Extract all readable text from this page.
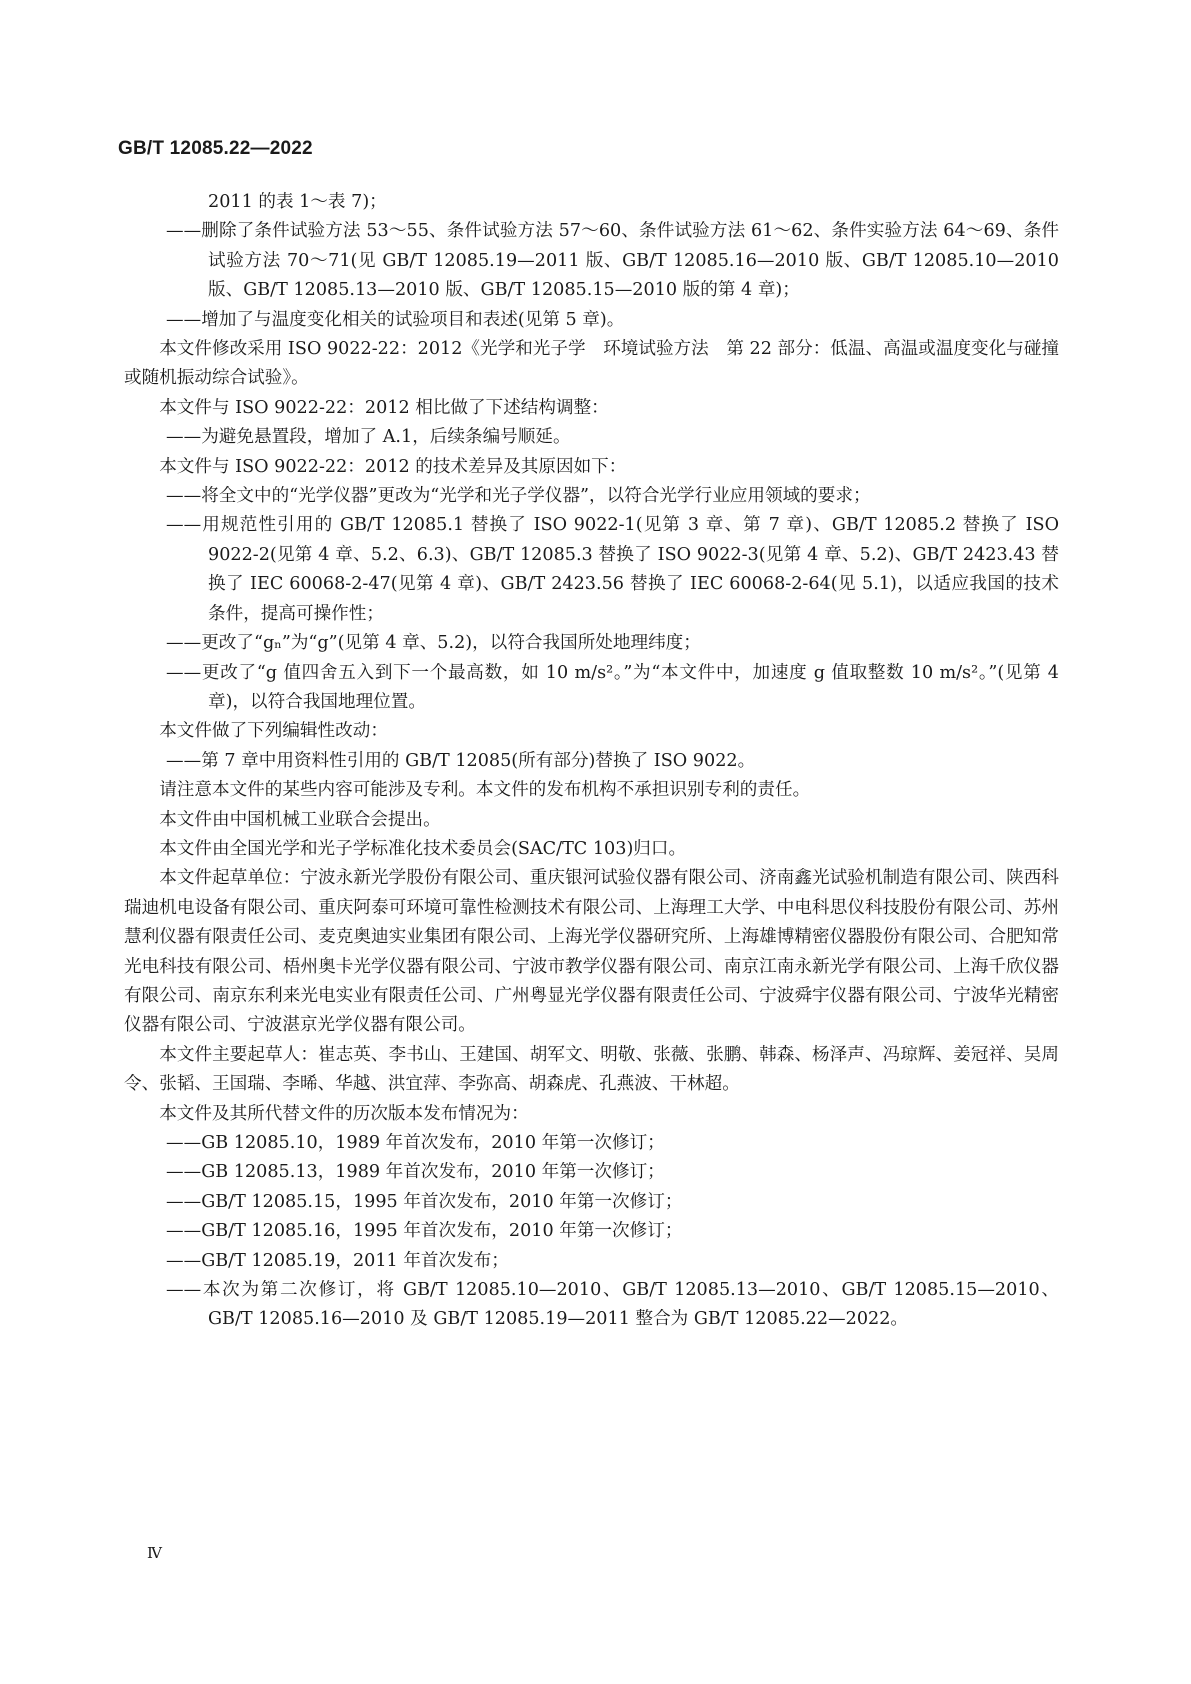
GB/T 12085.22—2022

2011 的表 1～表 7)；

——删除了条件试验方法 53～55、条件试验方法 57～60、条件试验方法 61～62、条件实验方法 64～69、条件试验方法 70～71(见 GB/T 12085.19—2011 版、GB/T 12085.16—2010 版、GB/T 12085.10—2010 版、GB/T 12085.13—2010 版、GB/T 12085.15—2010 版的第 4 章)；

——增加了与温度变化相关的试验项目和表述(见第 5 章)。

本文件修改采用 ISO 9022-22：2012《光学和光子学　环境试验方法　第 22 部分：低温、高温或温度变化与碰撞或随机振动综合试验》。

本文件与 ISO 9022-22：2012 相比做了下述结构调整：

——为避免悬置段，增加了 A.1，后续条编号顺延。

本文件与 ISO 9022-22：2012 的技术差异及其原因如下：

——将全文中的“光学仪器”更改为“光学和光子学仪器”，以符合光学行业应用领域的要求；

——用规范性引用的 GB/T 12085.1 替换了 ISO 9022-1(见第 3 章、第 7 章)、GB/T 12085.2 替换了 ISO 9022-2(见第 4 章、5.2、6.3)、GB/T 12085.3 替换了 ISO 9022-3(见第 4 章、5.2)、GB/T 2423.43 替换了 IEC 60068-2-47(见第 4 章)、GB/T 2423.56 替换了 IEC 60068-2-64(见 5.1)，以适应我国的技术条件，提高可操作性；

——更改了“gₙ”为“g”(见第 4 章、5.2)，以符合我国所处地理纬度；

——更改了“g 值四舍五入到下一个最高数，如 10 m/s²。”为“本文件中，加速度 g 值取整数 10 m/s²。”(见第 4 章)，以符合我国地理位置。

本文件做了下列编辑性改动：

——第 7 章中用资料性引用的 GB/T 12085(所有部分)替换了 ISO 9022。

请注意本文件的某些内容可能涉及专利。本文件的发布机构不承担识别专利的责任。

本文件由中国机械工业联合会提出。

本文件由全国光学和光子学标准化技术委员会(SAC/TC 103)归口。

本文件起草单位：宁波永新光学股份有限公司、重庆银河试验仪器有限公司、济南鑫光试验机制造有限公司、陕西科瑞迪机电设备有限公司、重庆阿泰可环境可靠性检测技术有限公司、上海理工大学、中电科思仪科技股份有限公司、苏州慧利仪器有限责任公司、麦克奥迪实业集团有限公司、上海光学仪器研究所、上海雄博精密仪器股份有限公司、合肥知常光电科技有限公司、梧州奥卡光学仪器有限公司、宁波市教学仪器有限公司、南京江南永新光学有限公司、上海千欣仪器有限公司、南京东利来光电实业有限责任公司、广州粤显光学仪器有限责任公司、宁波舜宇仪器有限公司、宁波华光精密仪器有限公司、宁波湛京光学仪器有限公司。

本文件主要起草人：崔志英、李书山、王建国、胡军文、明敬、张薇、张鹏、韩森、杨泽声、冯琼辉、姜冠祥、吴周令、张韬、王国瑞、李晞、华越、洪宜萍、李弥高、胡森虎、孔燕波、干林超。

本文件及其所代替文件的历次版本发布情况为：

——GB 12085.10，1989 年首次发布，2010 年第一次修订；

——GB 12085.13，1989 年首次发布，2010 年第一次修订；

——GB/T 12085.15，1995 年首次发布，2010 年第一次修订；

——GB/T 12085.16，1995 年首次发布，2010 年第一次修订；

——GB/T 12085.19，2011 年首次发布；

——本次为第二次修订，将 GB/T 12085.10—2010、GB/T 12085.13—2010、GB/T 12085.15—2010、GB/T 12085.16—2010 及 GB/T 12085.19—2011 整合为 GB/T 12085.22—2022。

Ⅳ
